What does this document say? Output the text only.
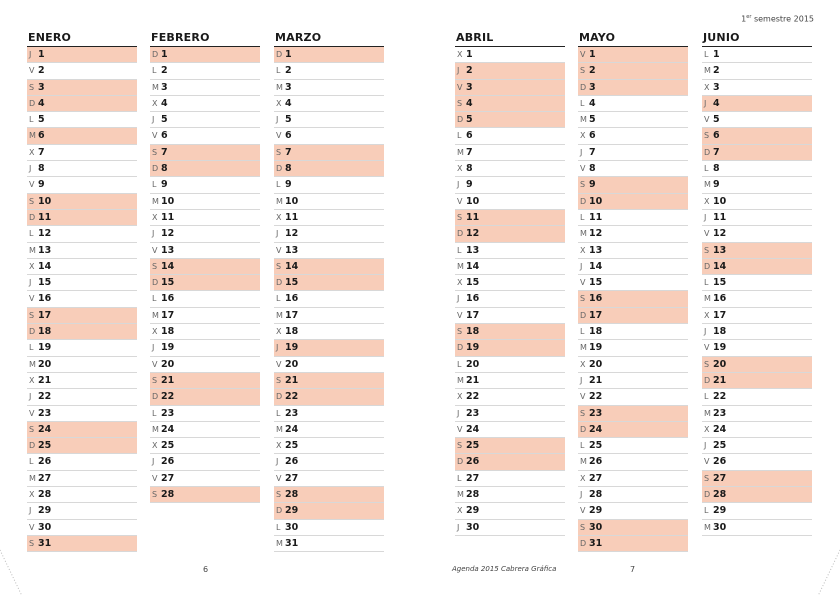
1er semestre 2015
ENERO
J 1
V 2
S 3
D 4
L 5
M 6
X 7
J 8
V 9
S 10
D 11
L 12
M 13
X 14
J 15
V 16
S 17
D 18
L 19
M 20
X 21
J 22
V 23
S 24
D 25
L 26
M 27
X 28
J 29
V 30
S 31
FEBRERO
D 1
L 2
M 3
X 4
J 5
V 6
S 7
D 8
L 9
M 10
X 11
J 12
V 13
S 14
D 15
L 16
M 17
X 18
J 19
V 20
S 21
D 22
L 23
M 24
X 25
J 26
V 27
S 28
MARZO
D 1
L 2
M 3
X 4
J 5
V 6
S 7
D 8
L 9
M 10
X 11
J 12
V 13
S 14
D 15
L 16
M 17
X 18
J 19
V 20
S 21
D 22
L 23
M 24
X 25
J 26
V 27
S 28
D 29
L 30
M 31
ABRIL
X 1
J 2
V 3
S 4
D 5
L 6
M 7
X 8
J 9
V 10
S 11
D 12
L 13
M 14
X 15
J 16
V 17
S 18
D 19
L 20
M 21
X 22
J 23
V 24
S 25
D 26
L 27
M 28
X 29
J 30
MAYO
V 1
S 2
D 3
L 4
M 5
X 6
J 7
V 8
S 9
D 10
L 11
M 12
X 13
J 14
V 15
S 16
D 17
L 18
M 19
X 20
J 21
V 22
S 23
D 24
L 25
M 26
X 27
J 28
V 29
S 30
D 31
JUNIO
L 1
M 2
X 3
J 4
V 5
S 6
D 7
L 8
M 9
X 10
J 11
V 12
S 13
D 14
L 15
M 16
X 17
J 18
V 19
S 20
D 21
L 22
M 23
X 24
J 25
V 26
S 27
D 28
L 29
M 30
6	Agenda 2015 Cabrera Gráfica	7
